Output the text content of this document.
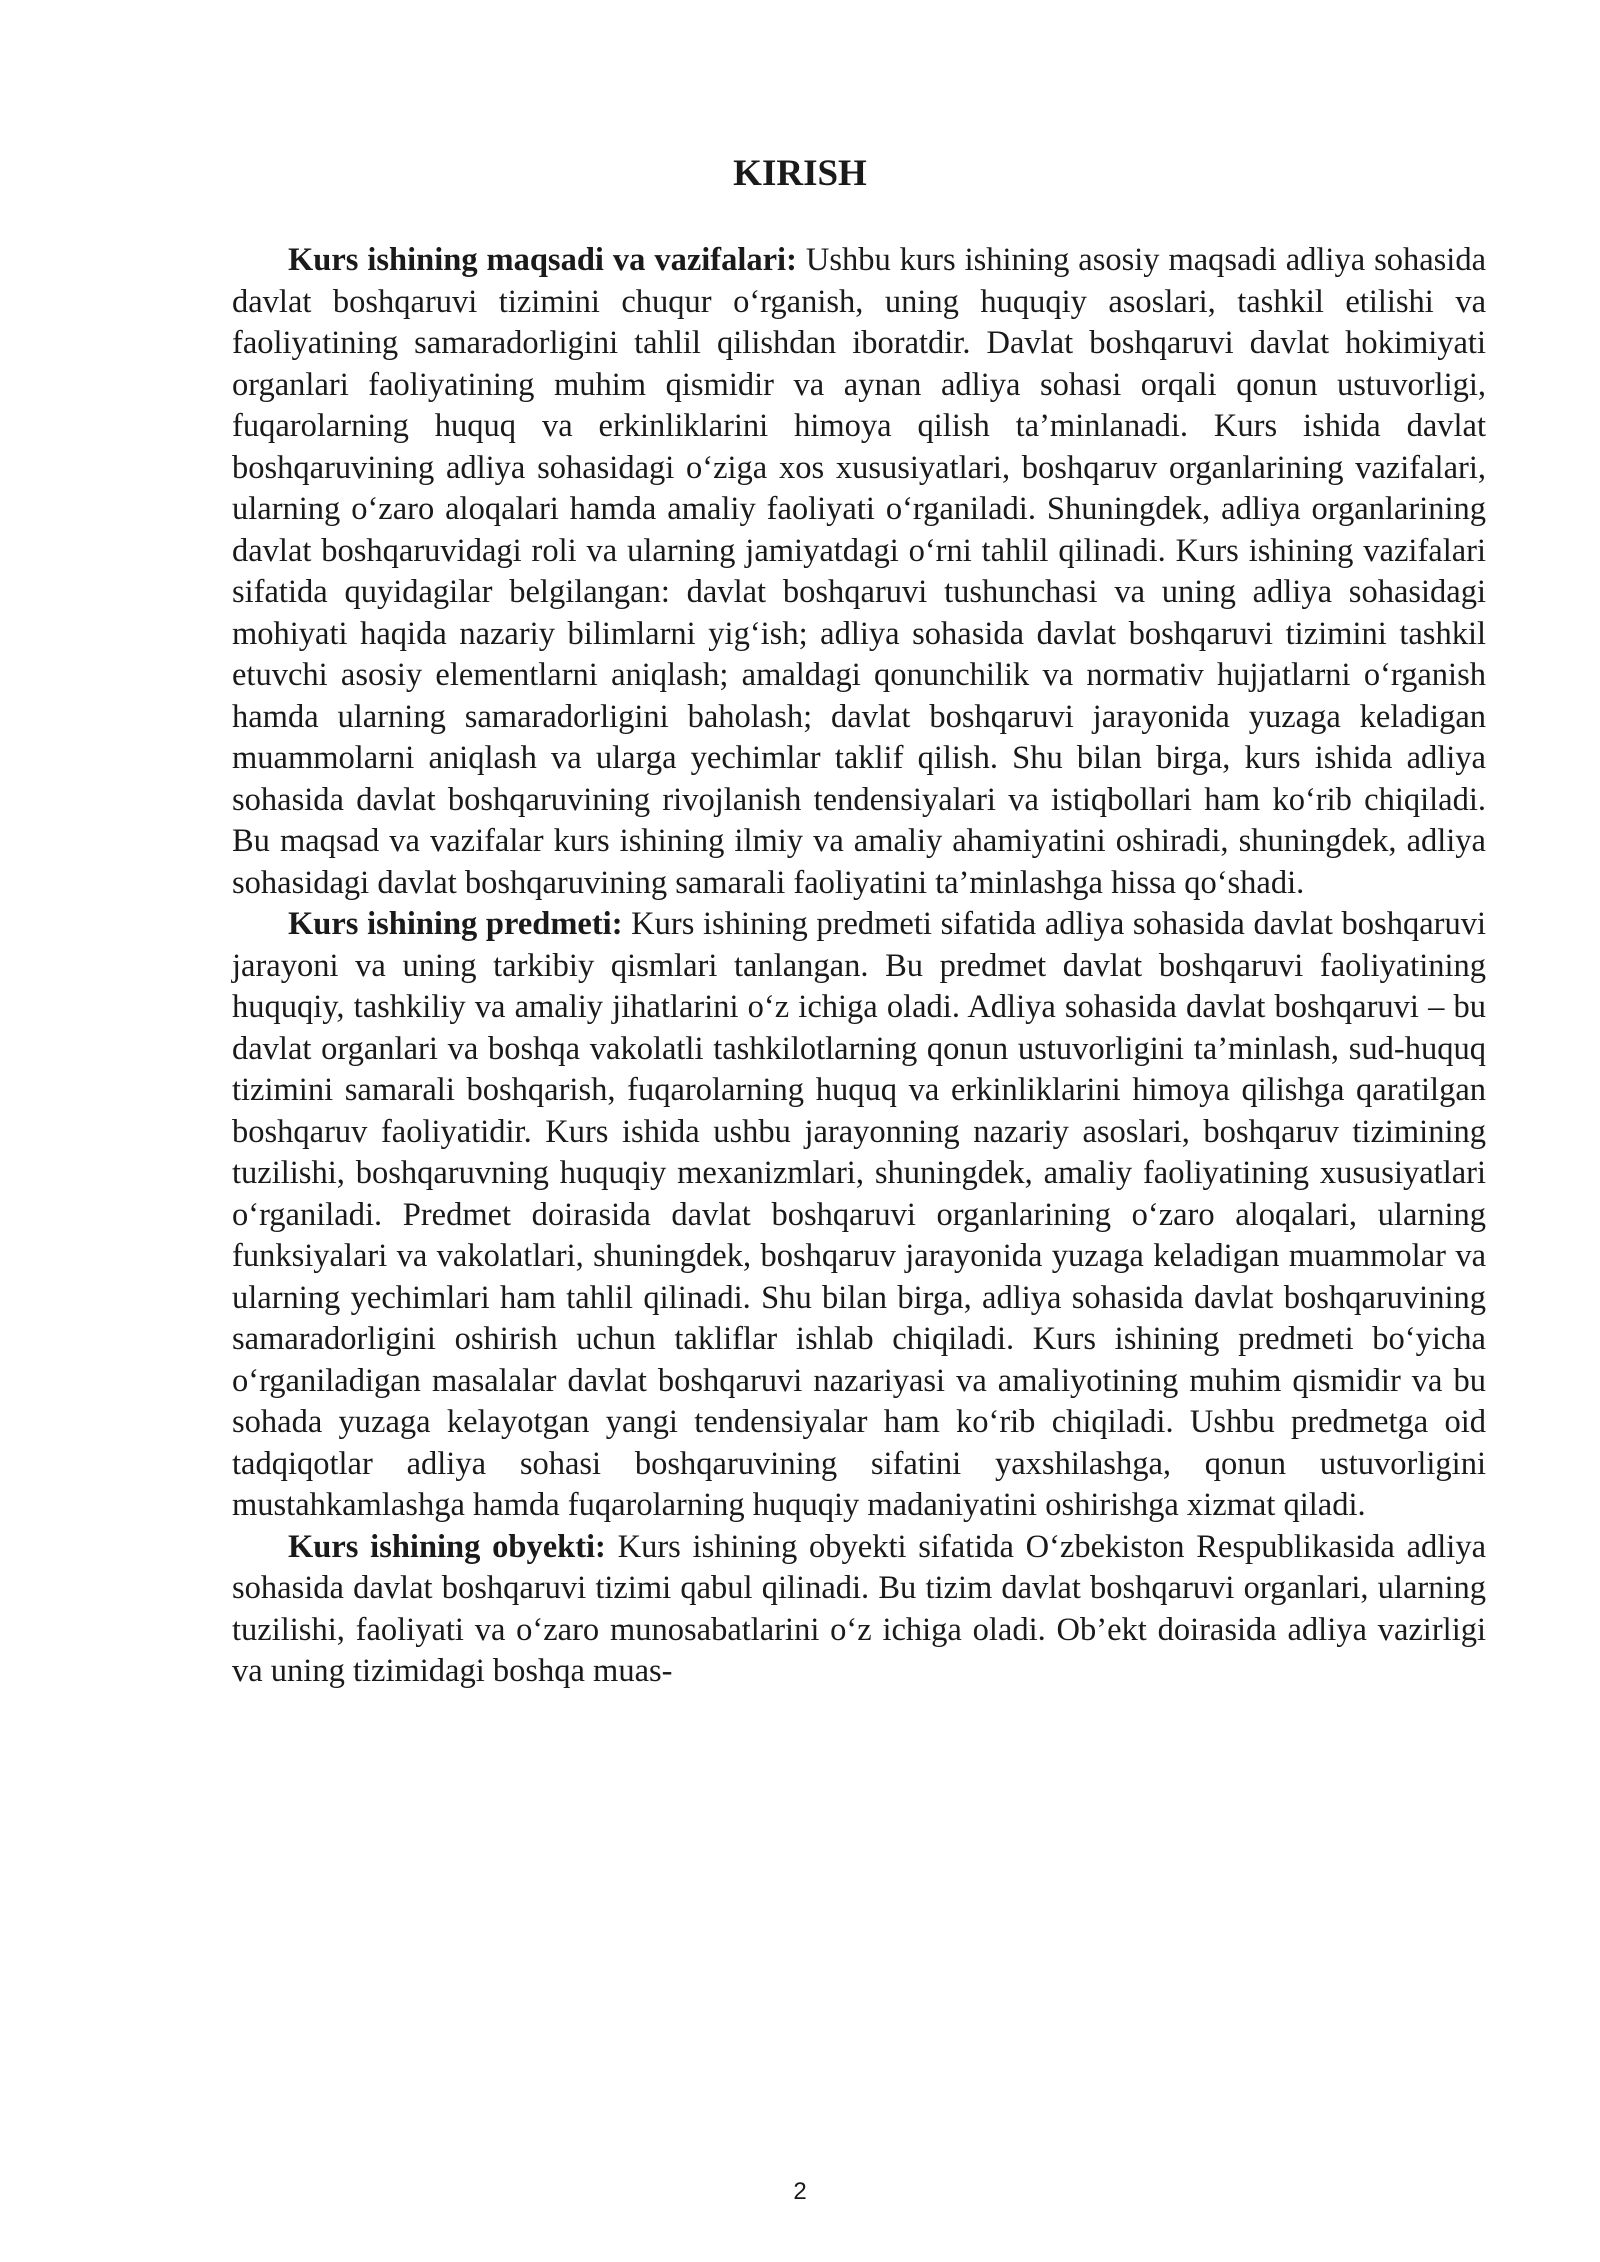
KIRISH

Kurs ishining maqsadi va vazifalari: Ushbu kurs ishining asosiy maqsadi adliya sohasida davlat boshqaruvi tizimini chuqur o‘rganish, uning huquqiy asoslari, tashkil etilishi va faoliyatining samaradorligini tahlil qilishdan iboratdir. Davlat boshqaruvi davlat hokimiyati organlari faoliyatining muhim qismidir va aynan adliya sohasi orqali qonun ustuvorligi, fuqarolarning huquq va erkinliklarini himoya qilish ta’minlanadi. Kurs ishida davlat boshqaruvining adliya sohasidagi o‘ziga xos xususiyatlari, boshqaruv organlarining vazifalari, ularning o‘zaro aloqalari hamda amaliy faoliyati o‘rganiladi. Shuningdek, adliya organlarining davlat boshqaruvidagi roli va ularning jamiyatdagi o‘rni tahlil qilinadi. Kurs ishining vazifalari sifatida quyidagilar belgilangan: davlat boshqaruvi tushunchasi va uning adliya sohasidagi mohiyati haqida nazariy bilimlarni yig‘ish; adliya sohasida davlat boshqaruvi tizimini tashkil etuvchi asosiy elementlarni aniqlash; amaldagi qonunchilik va normativ hujjatlarni o‘rganish hamda ularning samaradorligini baholash; davlat boshqaruvi jarayonida yuzaga keladigan muammolarni aniqlash va ularga yechimlar taklif qilish. Shu bilan birga, kurs ishida adliya sohasida davlat boshqaruvining rivojlanish tendensiyalari va istiqbollari ham ko‘rib chiqiladi. Bu maqsad va vazifalar kurs ishining ilmiy va amaliy ahamiyatini oshiradi, shuningdek, adliya sohasidagi davlat boshqaruvining samarali faoliyatini ta’minlashga hissa qo‘shadi.

Kurs ishining predmeti: Kurs ishining predmeti sifatida adliya sohasida davlat boshqaruvi jarayoni va uning tarkibiy qismlari tanlangan. Bu predmet davlat boshqaruvi faoliyatining huquqiy, tashkiliy va amaliy jihatlarini o‘z ichiga oladi. Adliya sohasida davlat boshqaruvi – bu davlat organlari va boshqa vakolatli tashkilotlarning qonun ustuvorligini ta’minlash, sud-huquq tizimini samarali boshqarish, fuqarolarning huquq va erkinliklarini himoya qilishga qaratilgan boshqaruv faoliyatidir. Kurs ishida ushbu jarayonning nazariy asoslari, boshqaruv tizimining tuzilishi, boshqaruvning huquqiy mexanizmlari, shuningdek, amaliy faoliyatining xususiyatlari o‘rganiladi. Predmet doirasida davlat boshqaruvi organlarining o‘zaro aloqalari, ularning funksiyalari va vakolatlari, shuningdek, boshqaruv jarayonida yuzaga keladigan muammolar va ularning yechimlari ham tahlil qilinadi. Shu bilan birga, adliya sohasida davlat boshqaruvining samaradorligini oshirish uchun takliflar ishlab chiqiladi. Kurs ishining predmeti bo‘yicha o‘rganiladigan masalalar davlat boshqaruvi nazariyasi va amaliyotining muhim qismidir va bu sohada yuzaga kelayotgan yangi tendensiyalar ham ko‘rib chiqiladi. Ushbu predmetga oid tadqiqotlar adliya sohasi boshqaruvining sifatini yaxshilashga, qonun ustuvorligini mustahkamlashga hamda fuqarolarning huquqiy madaniyatini oshirishga xizmat qiladi.

Kurs ishining obyekti: Kurs ishining obyekti sifatida O‘zbekiston Respublikasida adliya sohasida davlat boshqaruvi tizimi qabul qilinadi. Bu tizim davlat boshqaruvi organlari, ularning tuzilishi, faoliyati va o‘zaro munosabatlarini o‘z ichiga oladi. Ob’ekt doirasida adliya vazirligi va uning tizimidagi boshqa muas-

2
